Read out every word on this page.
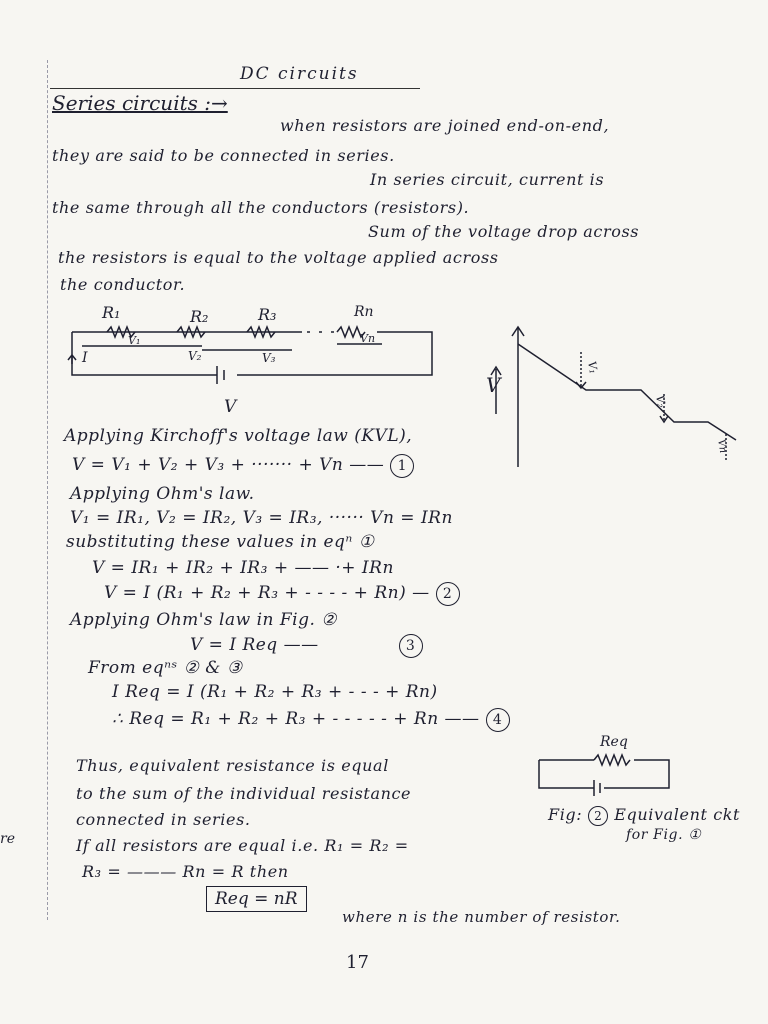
DC circuits
Series circuits :→
when resistors are joined end-on-end,
they are said to be connected in series.
In series circuit, current is
the same through all the conductors (resistors).
Sum of the voltage drop across
the resistors is equal to the voltage applied across
the conductor.
R₁	R₂	R₃	Rn
V₁
V₂	V₃
Vn
I
V
V
V₁
V₂
Vn
Applying Kirchoff's voltage law (KVL),
V = V₁ + V₂ + V₃ + ······· + Vn —— 1
Applying Ohm's law.
V₁ = IR₁, V₂ = IR₂, V₃ = IR₃, ······ Vn = IRn
substituting these values in eqⁿ ①
V = IR₁ + IR₂ + IR₃ + —— ·+ IRn
V = I (R₁ + R₂ + R₃ + - - - - + Rn) — 2
Applying Ohm's law in Fig. ②
V = I Req ——	3
From eqⁿˢ ② & ③
I Req = I (R₁ + R₂ + R₃ + - - - + Rn)
∴ Req = R₁ + R₂ + R₃ + - - - - - + Rn —— 4
Thus, equivalent resistance is equal
to the sum of the individual resistance
connected in series.
Req
Fig: 2 Equivalent ckt
for Fig. ①
If all resistors are equal i.e. R₁ = R₂ =
R₃ = ——— Rn = R then
Req = nR
where n is the number of resistor.
17
re
